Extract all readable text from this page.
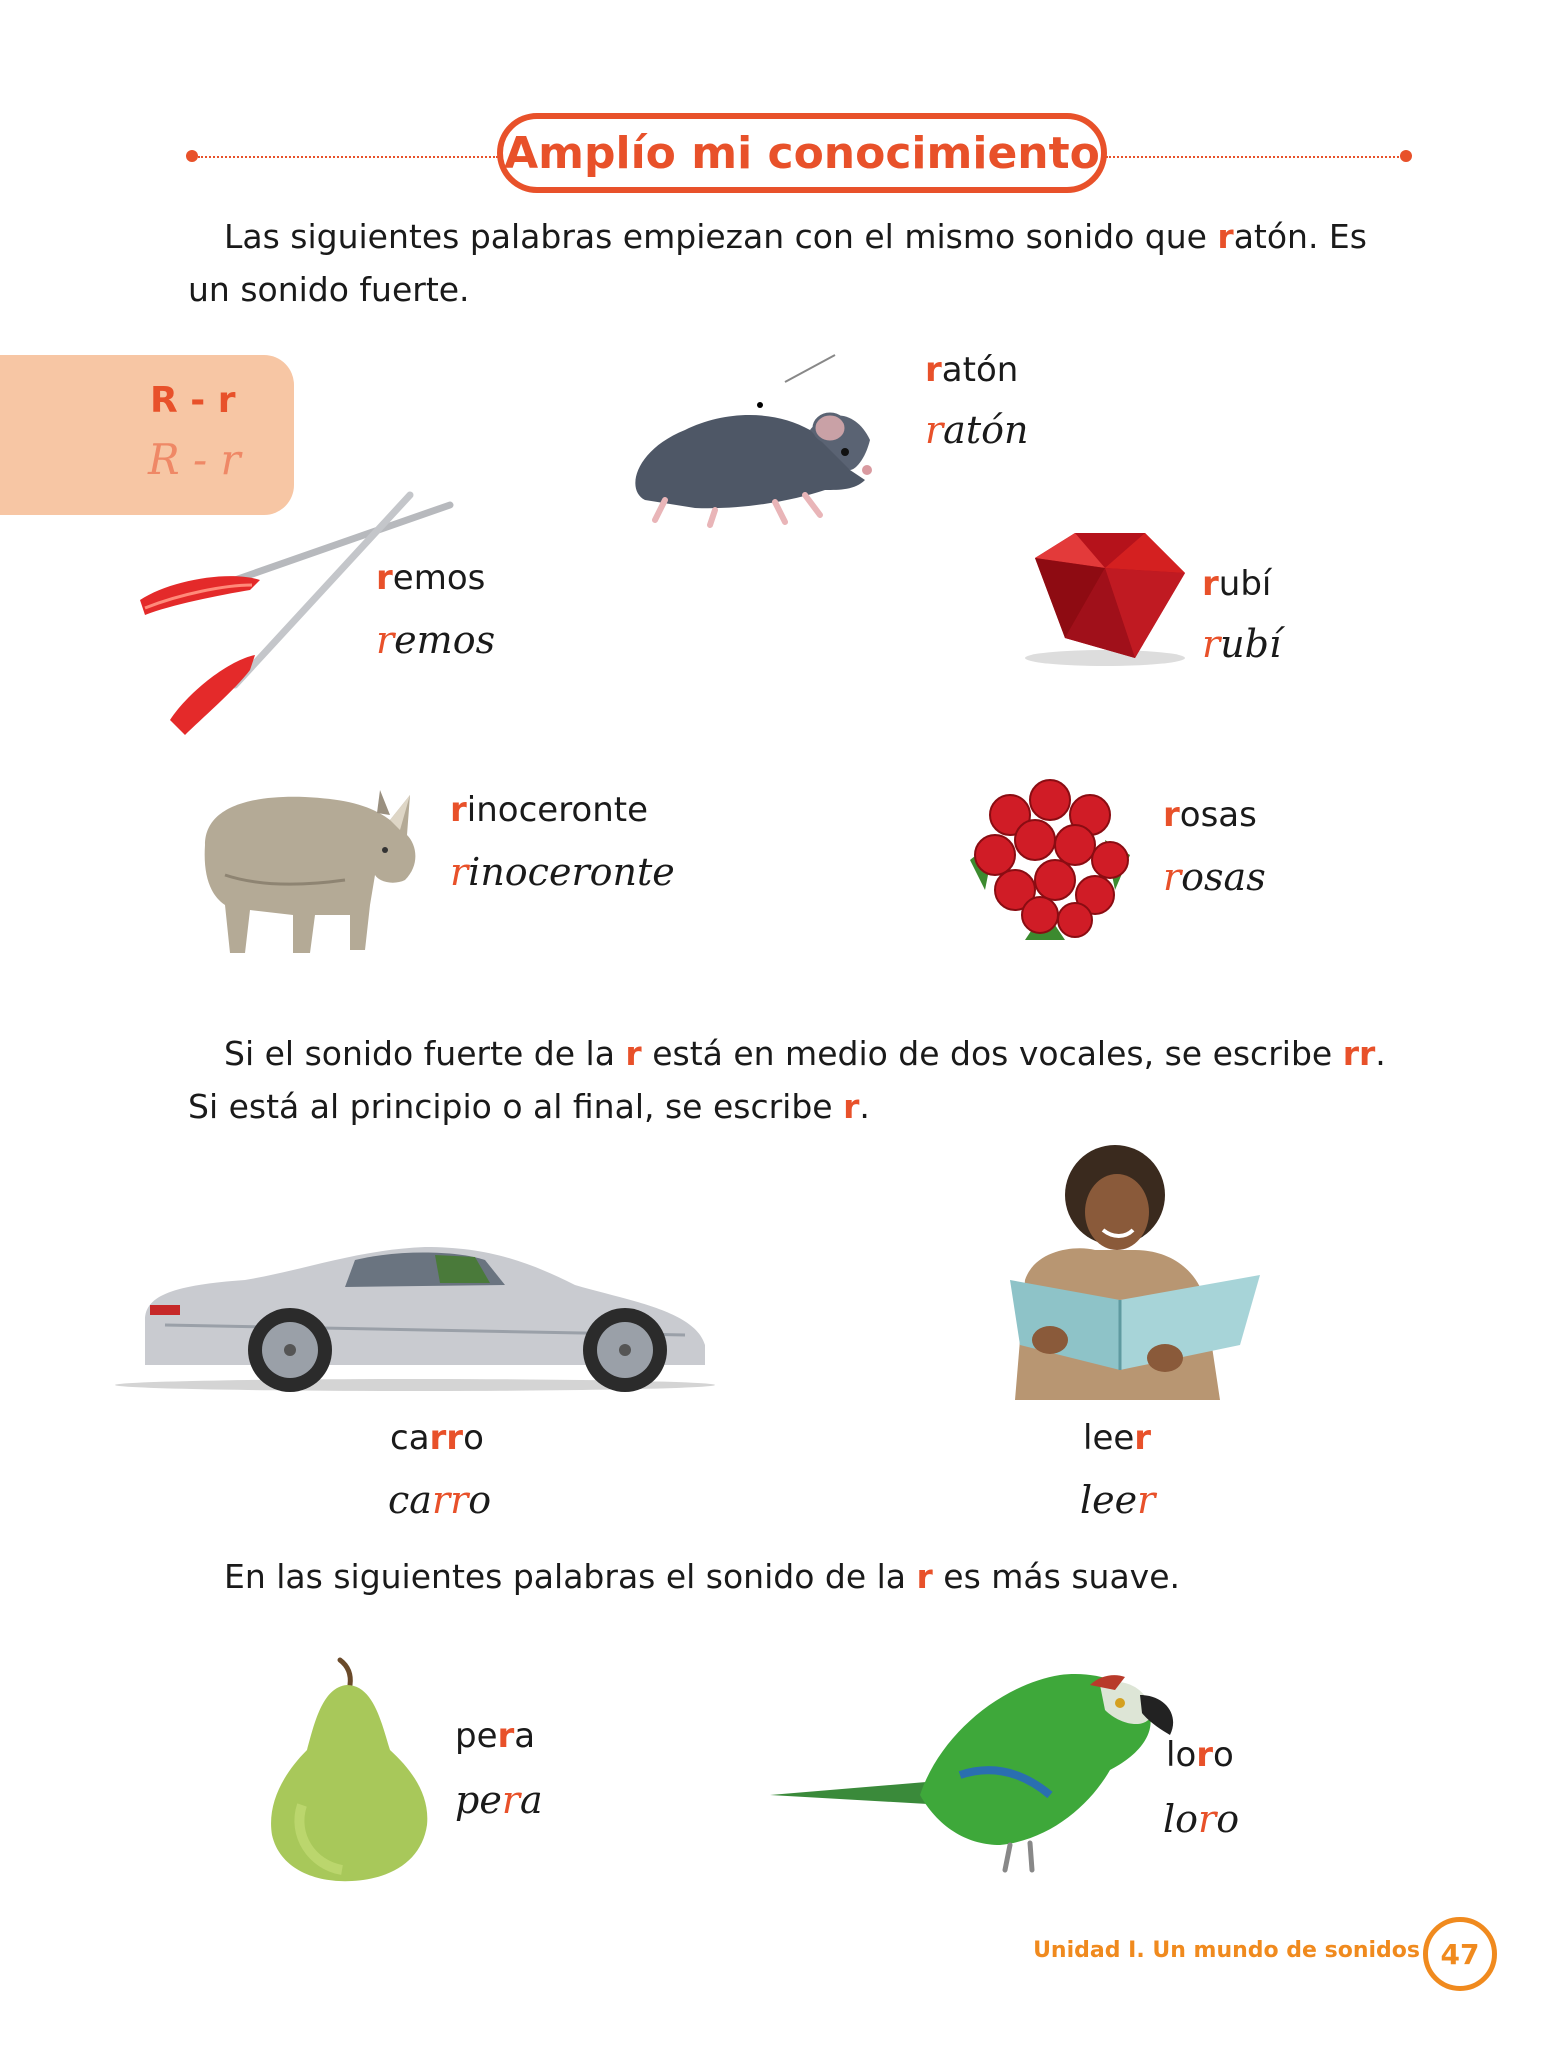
Amplío mi conocimiento
Las siguientes palabras empiezan con el mismo sonido que ratón. Es
un sonido fuerte.
R - r
R - r
ratón
ratón
remos
remos
rubí
rubí
rinoceronte
rinoceronte
rosas
rosas
Si el sonido fuerte de la r está en medio de dos vocales, se escribe rr.
Si está al principio o al final, se escribe r.
carro
carro
leer
leer
En las siguientes palabras el sonido de la r es más suave.
pera
pera
loro
loro
Unidad I. Un mundo de sonidos 47
